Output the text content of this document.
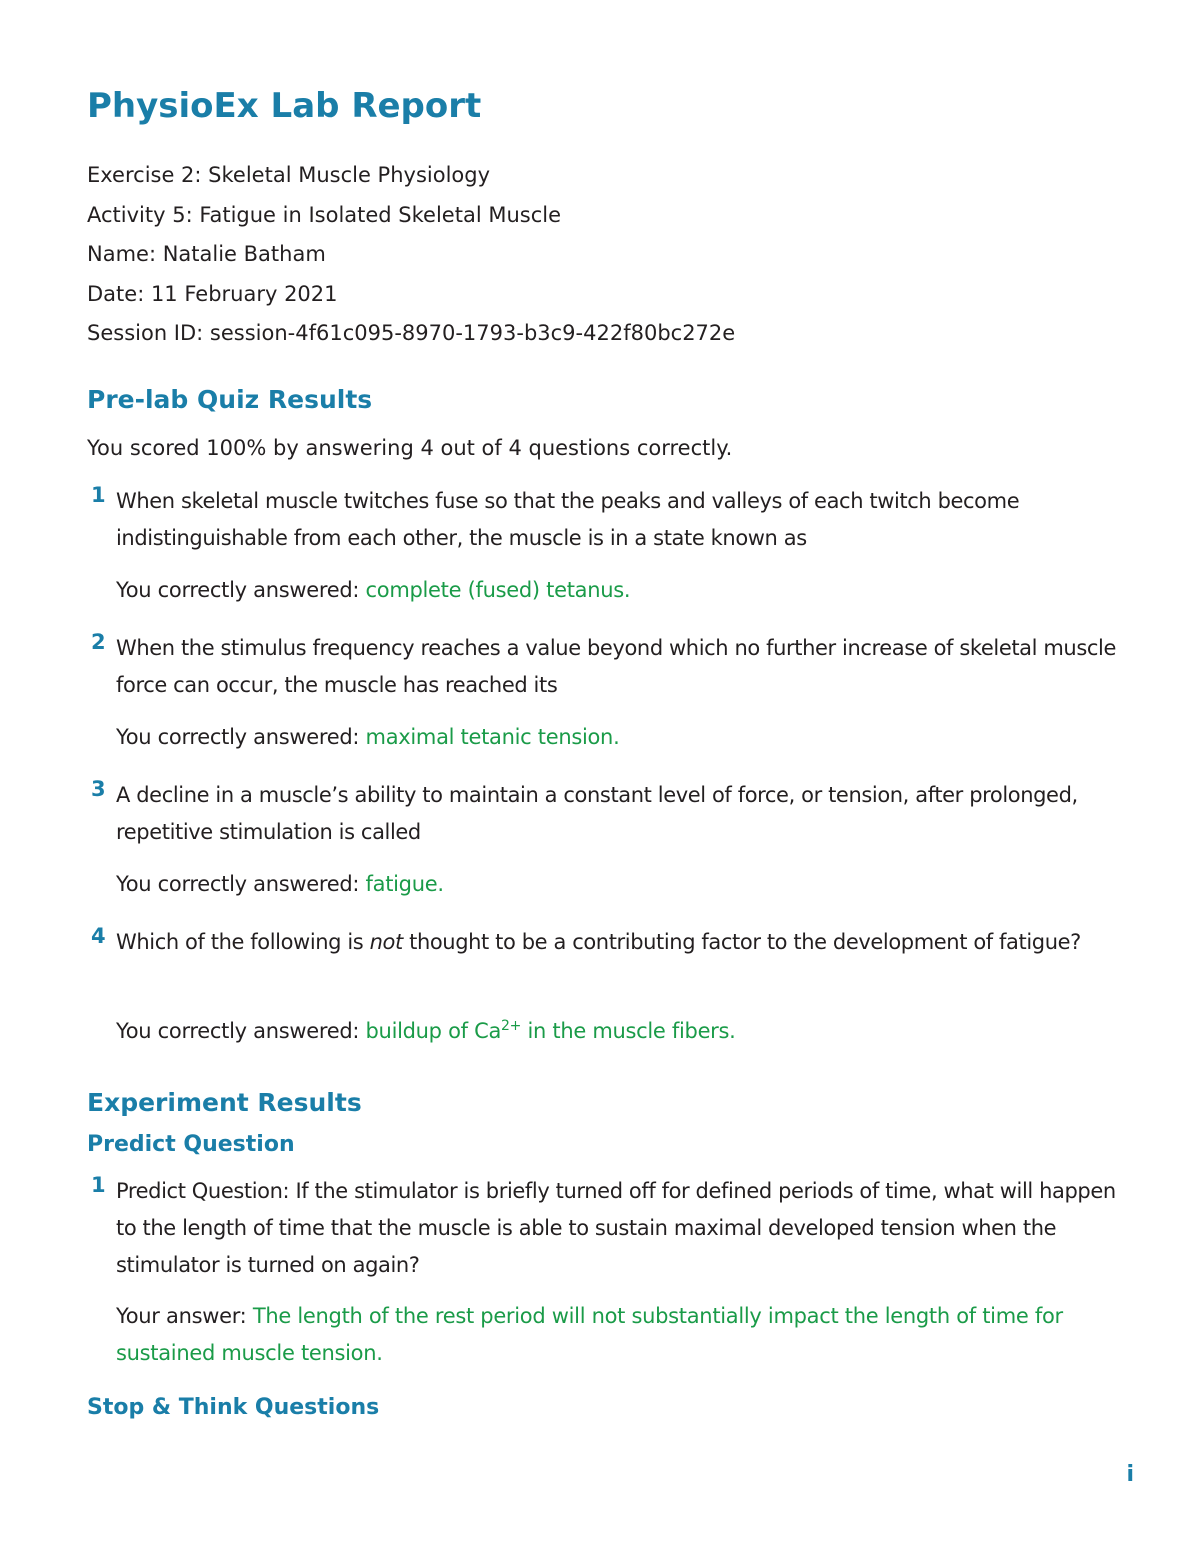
PhysioEx Lab Report
Exercise 2: Skeletal Muscle Physiology
Activity 5: Fatigue in Isolated Skeletal Muscle
Name: Natalie Batham
Date: 11 February 2021
Session ID: session-4f61c095-8970-1793-b3c9-422f80bc272e
Pre-lab Quiz Results
You scored 100% by answering 4 out of 4 questions correctly.
1 When skeletal muscle twitches fuse so that the peaks and valleys of each twitch become indistinguishable from each other, the muscle is in a state known as
You correctly answered: complete (fused) tetanus.
2 When the stimulus frequency reaches a value beyond which no further increase of skeletal muscle force can occur, the muscle has reached its
You correctly answered: maximal tetanic tension.
3 A decline in a muscle’s ability to maintain a constant level of force, or tension, after prolonged, repetitive stimulation is called
You correctly answered: fatigue.
4 Which of the following is not thought to be a contributing factor to the development of fatigue?
You correctly answered: buildup of $Ca^{2+}$ in the muscle fibers.
Experiment Results
Predict Question
1 Predict Question: If the stimulator is briefly turned off for defined periods of time, what will happen to the length of time that the muscle is able to sustain maximal developed tension when the stimulator is turned on again?
Your answer: The length of the rest period will not substantially impact the length of time for sustained muscle tension.
Stop & Think Questions
i
